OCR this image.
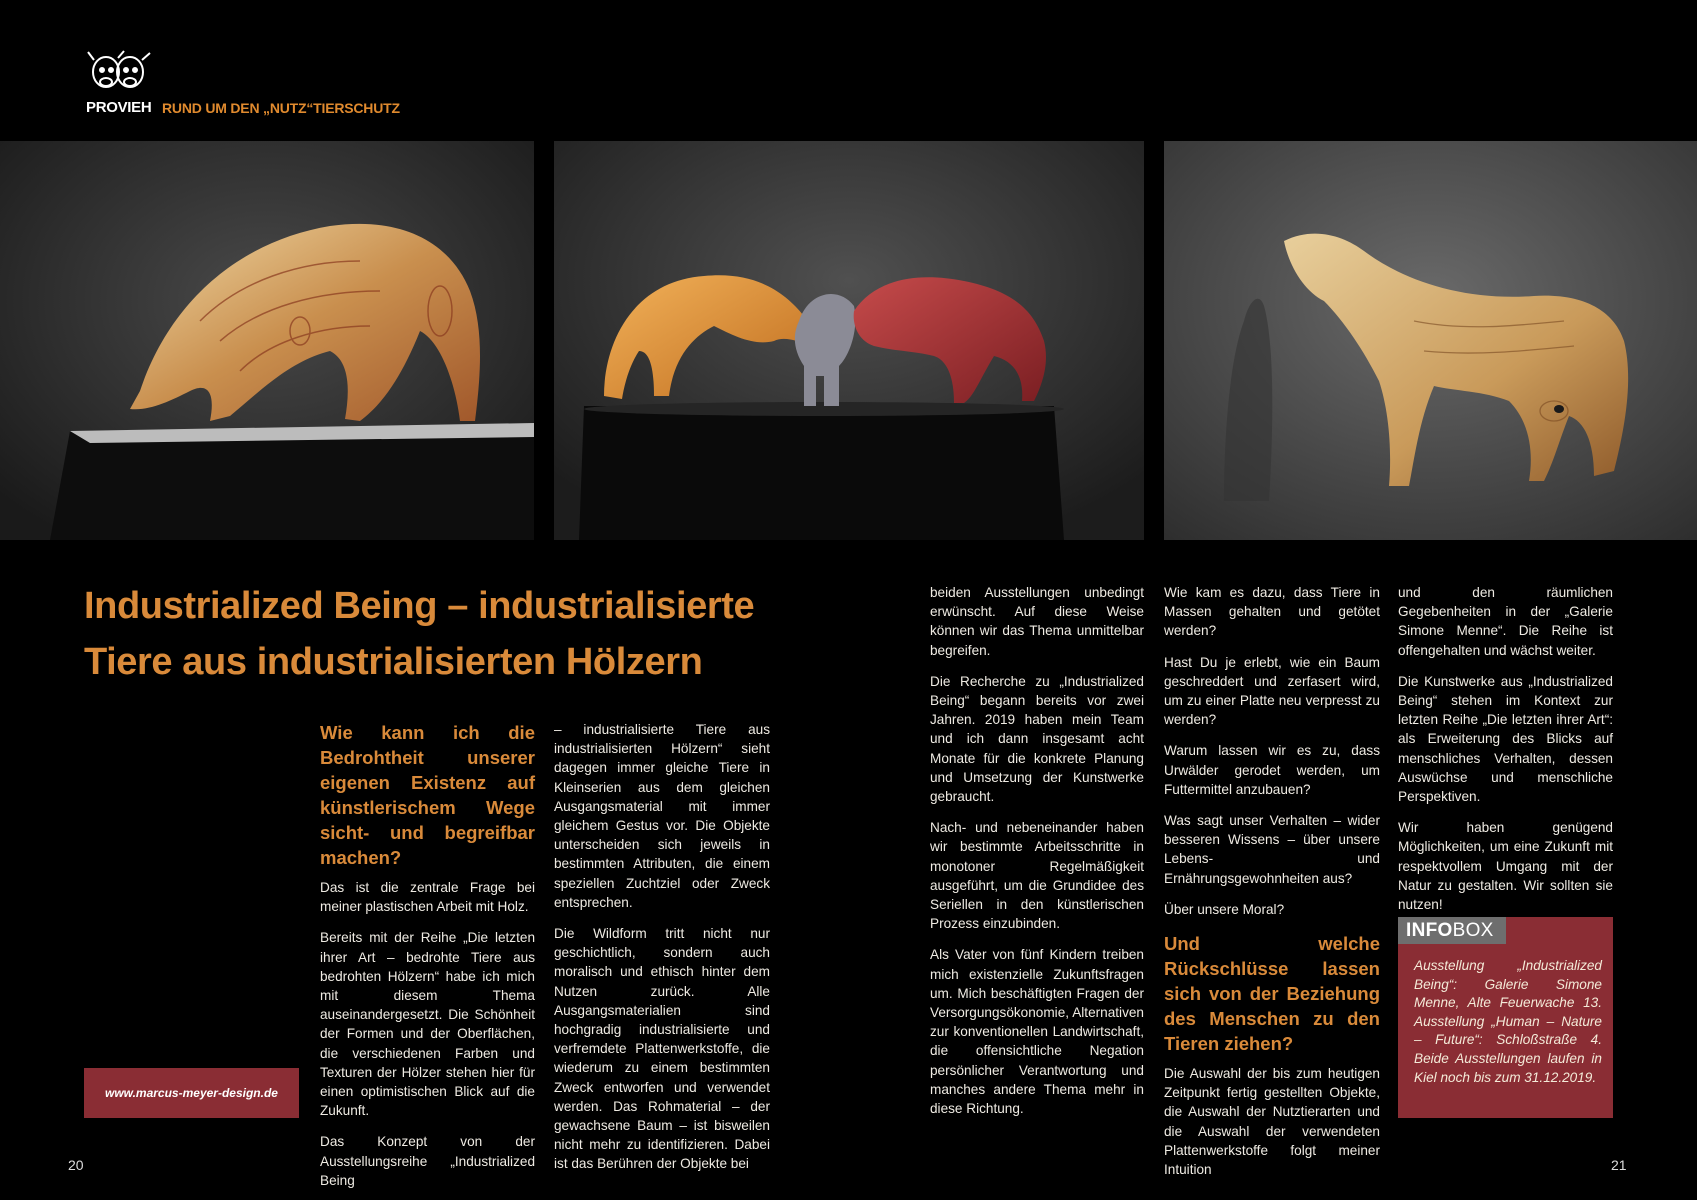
PROVIEH RUND UM DEN „NUTZ“TIERSCHUTZ
Industrialized Being – industrialisierte
Tiere aus industrialisierten Hölzern
Wie kann ich die Bedrohtheit unserer eigenen Existenz auf künstlerischem Wege sicht- und begreifbar machen?

Das ist die zentrale Frage bei meiner plastischen Arbeit mit Holz.

Bereits mit der Reihe „Die letzten ihrer Art – bedrohte Tiere aus bedrohten Hölzern“ habe ich mich mit diesem Thema auseinandergesetzt. Die Schönheit der Formen und der Oberflächen, die verschiedenen Farben und Texturen der Hölzer stehen hier für einen optimistischen Blick auf die Zukunft.

Das Konzept von der Ausstellungsreihe „Industrialized Being

– industrialisierte Tiere aus industrialisierten Hölzern“ sieht dagegen immer gleiche Tiere in Kleinserien aus dem gleichen Ausgangsmaterial mit immer gleichem Gestus vor. Die Objekte unterscheiden sich jeweils in bestimmten Attributen, die einem speziellen Zuchtziel oder Zweck entsprechen.

Die Wildform tritt nicht nur geschichtlich, sondern auch moralisch und ethisch hinter dem Nutzen zurück. Alle Ausgangsmaterialien sind hochgradig industrialisierte und verfremdete Plattenwerkstoffe, die wiederum zu einem bestimmten Zweck entworfen und verwendet werden. Das Rohmaterial – der gewachsene Baum – ist bisweilen nicht mehr zu identifizieren. Dabei ist das Berühren der Objekte bei

beiden Ausstellungen unbedingt erwünscht. Auf diese Weise können wir das Thema unmittelbar begreifen.

Die Recherche zu „Industrialized Being“ begann bereits vor zwei Jahren. 2019 haben mein Team und ich dann insgesamt acht Monate für die konkrete Planung und Umsetzung der Kunstwerke gebraucht.

Nach- und nebeneinander haben wir bestimmte Arbeitsschritte in monotoner Regelmäßigkeit ausgeführt, um die Grundidee des Seriellen in den künstlerischen Prozess einzubinden.

Als Vater von fünf Kindern treiben mich existenzielle Zukunftsfragen um. Mich beschäftigten Fragen der Versorgungsökonomie, Alternativen zur konventionellen Landwirtschaft, die offensichtliche Negation persönlicher Verantwortung und manches andere Thema mehr in diese Richtung.

Wie kam es dazu, dass Tiere in Massen gehalten und getötet werden?

Hast Du je erlebt, wie ein Baum geschreddert und zerfasert wird, um zu einer Platte neu verpresst zu werden?

Warum lassen wir es zu, dass Urwälder gerodet werden, um Futtermittel anzubauen?

Was sagt unser Verhalten – wider besseren Wissens – über unsere Lebens- und Ernährungsgewohnheiten aus?

Über unsere Moral?

Und welche Rückschlüsse lassen sich von der Beziehung des Menschen zu den Tieren ziehen?

Die Auswahl der bis zum heutigen Zeitpunkt fertig gestellten Objekte, die Auswahl der Nutztierarten und die Auswahl der verwendeten Plattenwerkstoffe folgt meiner Intuition

und den räumlichen Gegebenheiten in der „Galerie Simone Menne“. Die Reihe ist offengehalten und wächst weiter.

Die Kunstwerke aus „Industrialized Being“ stehen im Kontext zur letzten Reihe „Die letzten ihrer Art“: als Erweiterung des Blicks auf menschliches Verhalten, dessen Auswüchse und menschliche Perspektiven.

Wir haben genügend Möglichkeiten, um eine Zukunft mit respektvollem Umgang mit der Natur zu gestalten. Wir sollten sie nutzen!

www.marcus-meyer-design.de
INFOBOX
Ausstellung „Industrialized Being“: Galerie Simone Menne, Alte Feuerwache 13. Ausstellung „Human – Nature – Future“: Schloßstraße 4. Beide Ausstellungen laufen in Kiel noch bis zum 31.12.2019.
20	21
